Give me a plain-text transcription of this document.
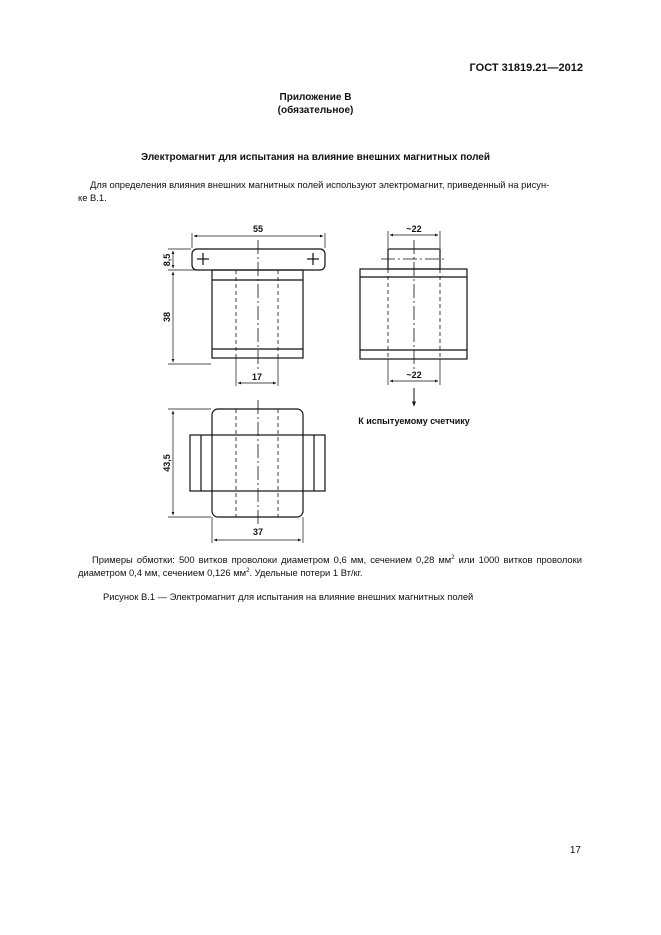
ГОСТ 31819.21—2012
Приложение В
(обязательное)
Электромагнит для испытания на влияние внешних магнитных полей
Для определения влияния внешних магнитных полей используют электромагнит, приведенный на рисун-
ке В.1.
55
8,5
38
17
~22
~22
43,5
37
К испытуемому счетчику
Примеры обмотки: 500 витков проволоки диаметром 0,6 мм, сечением 0,28 $мм^2$ или 1000 витков проволоки диаметром 0,4 мм, сечением 0,126 $мм^2$. Удельные потери 1 Вт/кг.
Рисунок В.1 — Электромагнит для испытания на влияние внешних магнитных полей
17
